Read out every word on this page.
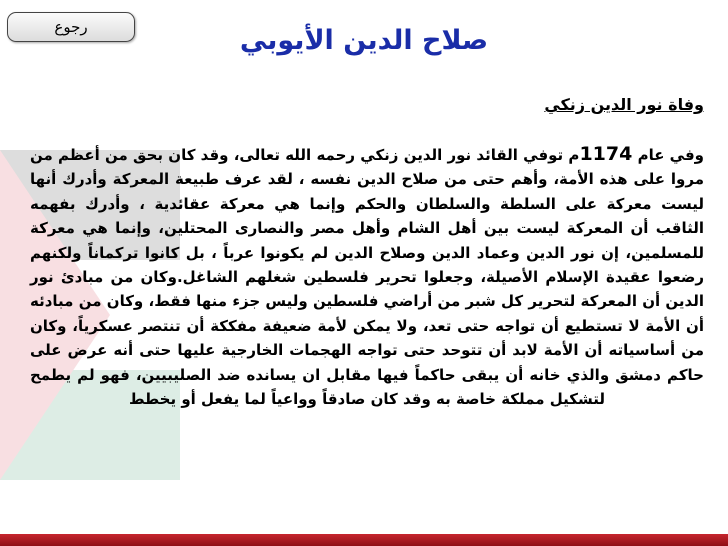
رجوع	صلاح الدين الأيوبي
وفاة نور الدين زنكي

وفي عام 1174م توفي القائد نور الدين زنكي رحمه الله تعالى، وقد كان بحق من أعظم من مروا على هذه الأمة، وأهم حتى من صلاح الدين نفسه ، لقد عرف طبيعة المعركة وأدرك أنها ليست معركة على السلطة والسلطان والحكم وإنما هي معركة عقائدية ، وأدرك بفهمه الثاقب أن المعركة ليست بين أهل الشام وأهل مصر والنصارى المحتلين، وإنما هي معركة للمسلمين، إن نور الدين وعماد الدين وصلاح الدين لم يكونوا عرباً ، بل كانوا تركماناً ولكنهم رضعوا عقيدة الإسلام الأصيلة، وجعلوا تحرير فلسطين شغلهم الشاغل.وكان من مبادئ نور الدين أن المعركة لتحرير كل شبر من أراضي فلسطين وليس جزء منها فقط، وكان من مبادئه أن الأمة لا تستطيع أن تواجه حتى تعد، ولا يمكن لأمة ضعيفة مفككة أن تنتصر عسكرياً، وكان من أساسياته أن الأمة لابد أن تتوحد حتى تواجه الهجمات الخارجية عليها حتى أنه عرض على حاكم دمشق والذي خانه أن يبقى حاكماً فيها مقابل ان يسانده ضد الصليبيين، فهو لم يطمح لتشكيل مملكة خاصة به وقد كان صادقاً وواعياً لما يفعل أو يخطط
